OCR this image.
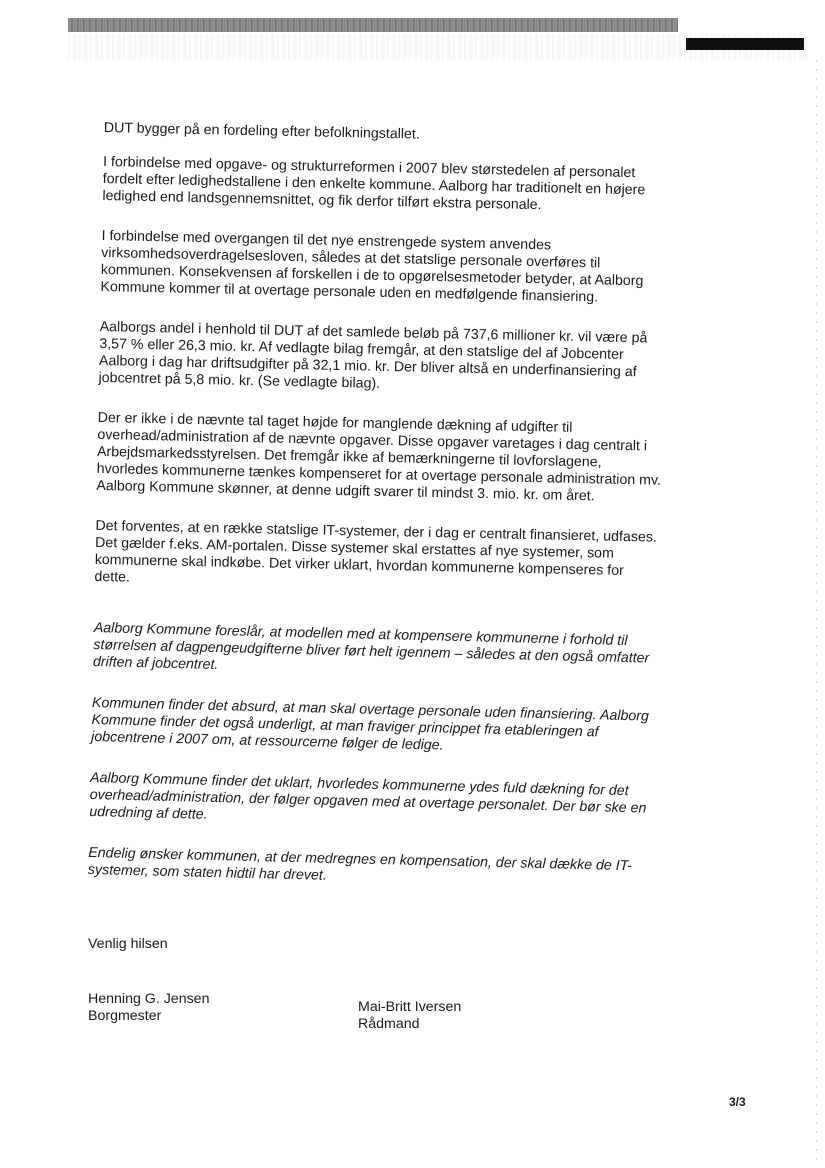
DUT bygger på en fordeling efter befolkningstallet.

I forbindelse med opgave- og strukturreformen i 2007 blev størstedelen af personalet fordelt efter ledighedstallene i den enkelte kommune. Aalborg har traditionelt en højere ledighed end landsgennemsnittet, og fik derfor tilført ekstra personale.

I forbindelse med overgangen til det nye enstrengede system anvendes virksomhedsoverdragelsesloven, således at det statslige personale overføres til kommunen. Konsekvensen af forskellen i de to opgørelsesmetoder betyder, at Aalborg Kommune kommer til at overtage personale uden en medfølgende finansiering.

Aalborgs andel i henhold til DUT af det samlede beløb på 737,6 millioner kr. vil være på 3,57 % eller 26,3 mio. kr. Af vedlagte bilag fremgår, at den statslige del af Jobcenter Aalborg i dag har driftsudgifter på 32,1 mio. kr. Der bliver altså en underfinansiering af jobcentret på 5,8 mio. kr. (Se vedlagte bilag).

Der er ikke i de nævnte tal taget højde for manglende dækning af udgifter til overhead/administration af de nævnte opgaver. Disse opgaver varetages i dag centralt i Arbejdsmarkedsstyrelsen. Det fremgår ikke af bemærkningerne til lovforslagene, hvorledes kommunerne tænkes kompenseret for at overtage personale administration mv. Aalborg Kommune skønner, at denne udgift svarer til mindst 3. mio. kr. om året.

Det forventes, at en række statslige IT-systemer, der i dag er centralt finansieret, udfases. Det gælder f.eks. AM-portalen. Disse systemer skal erstattes af nye systemer, som kommunerne skal indkøbe. Det virker uklart, hvordan kommunerne kompenseres for dette.

Aalborg Kommune foreslår, at modellen med at kompensere kommunerne i forhold til størrelsen af dagpengeudgifterne bliver ført helt igennem – således at den også omfatter driften af jobcentret.

Kommunen finder det absurd, at man skal overtage personale uden finansiering. Aalborg Kommune finder det også underligt, at man fraviger princippet fra etableringen af jobcentrene i 2007 om, at ressourcerne følger de ledige.

Aalborg Kommune finder det uklart, hvorledes kommunerne ydes fuld dækning for det overhead/administration, der følger opgaven med at overtage personalet. Der bør ske en udredning af dette.

Endelig ønsker kommunen, at der medregnes en kompensation, der skal dække de IT-systemer, som staten hidtil har drevet.

Venlig hilsen
Henning G. Jensen
Borgmester
Mai-Britt Iversen
Rådmand
3/3
